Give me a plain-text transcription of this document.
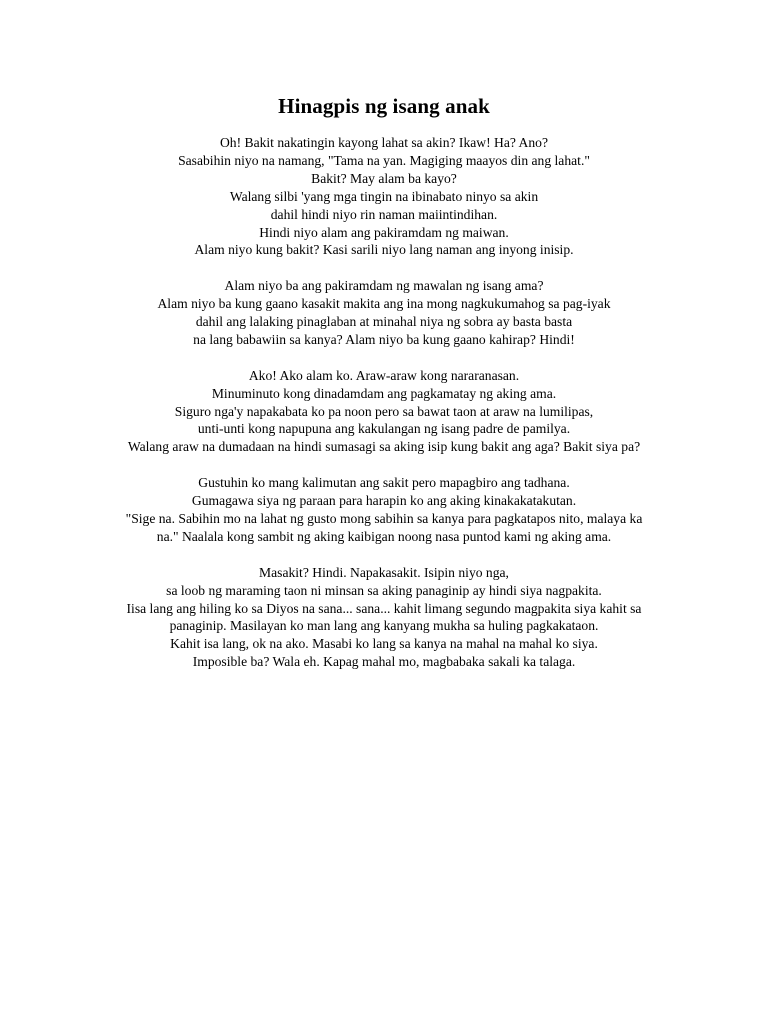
Hinagpis ng isang anak

Oh! Bakit nakatingin kayong lahat sa akin? Ikaw! Ha? Ano?
Sasabihin niyo na namang, "Tama na yan. Magiging maayos din ang lahat."
Bakit? May alam ba kayo?
Walang silbi 'yang mga tingin na ibinabato ninyo sa akin
dahil hindi niyo rin naman maiintindihan.
Hindi niyo alam ang pakiramdam ng maiwan.
Alam niyo kung bakit? Kasi sarili niyo lang naman ang inyong inisip.

Alam niyo ba ang pakiramdam ng mawalan ng isang ama?
Alam niyo ba kung gaano kasakit makita ang ina mong nagkukumahog sa pag-iyak
dahil ang lalaking pinaglaban at minahal niya ng sobra ay basta basta
na lang babawiin sa kanya? Alam niyo ba kung gaano kahirap? Hindi!

Ako! Ako alam ko. Araw-araw kong nararanasan.
Minuminuto kong dinadamdam ang pagkamatay ng aking ama.
Siguro nga'y napakabata ko pa noon pero sa bawat taon at araw na lumilipas,
unti-unti kong napupuna ang kakulangan ng isang padre de pamilya.
Walang araw na dumadaan na hindi sumasagi sa aking isip kung bakit ang aga? Bakit siya pa?

Gustuhin ko mang kalimutan ang sakit pero mapagbiro ang tadhana.
Gumagawa siya ng paraan para harapin ko ang aking kinakakatakutan.
"Sige na. Sabihin mo na lahat ng gusto mong sabihin sa kanya para pagkatapos nito, malaya ka
na." Naalala kong sambit ng aking kaibigan noong nasa puntod kami ng aking ama.

Masakit? Hindi. Napakasakit. Isipin niyo nga,
sa loob ng maraming taon ni minsan sa aking panaginip ay hindi siya nagpakita.
Iisa lang ang hiling ko sa Diyos na sana... sana... kahit limang segundo magpakita siya kahit sa
panaginip. Masilayan ko man lang ang kanyang mukha sa huling pagkakataon.
Kahit isa lang, ok na ako. Masabi ko lang sa kanya na mahal na mahal ko siya.
Imposible ba? Wala eh. Kapag mahal mo, magbabaka sakali ka talaga.
